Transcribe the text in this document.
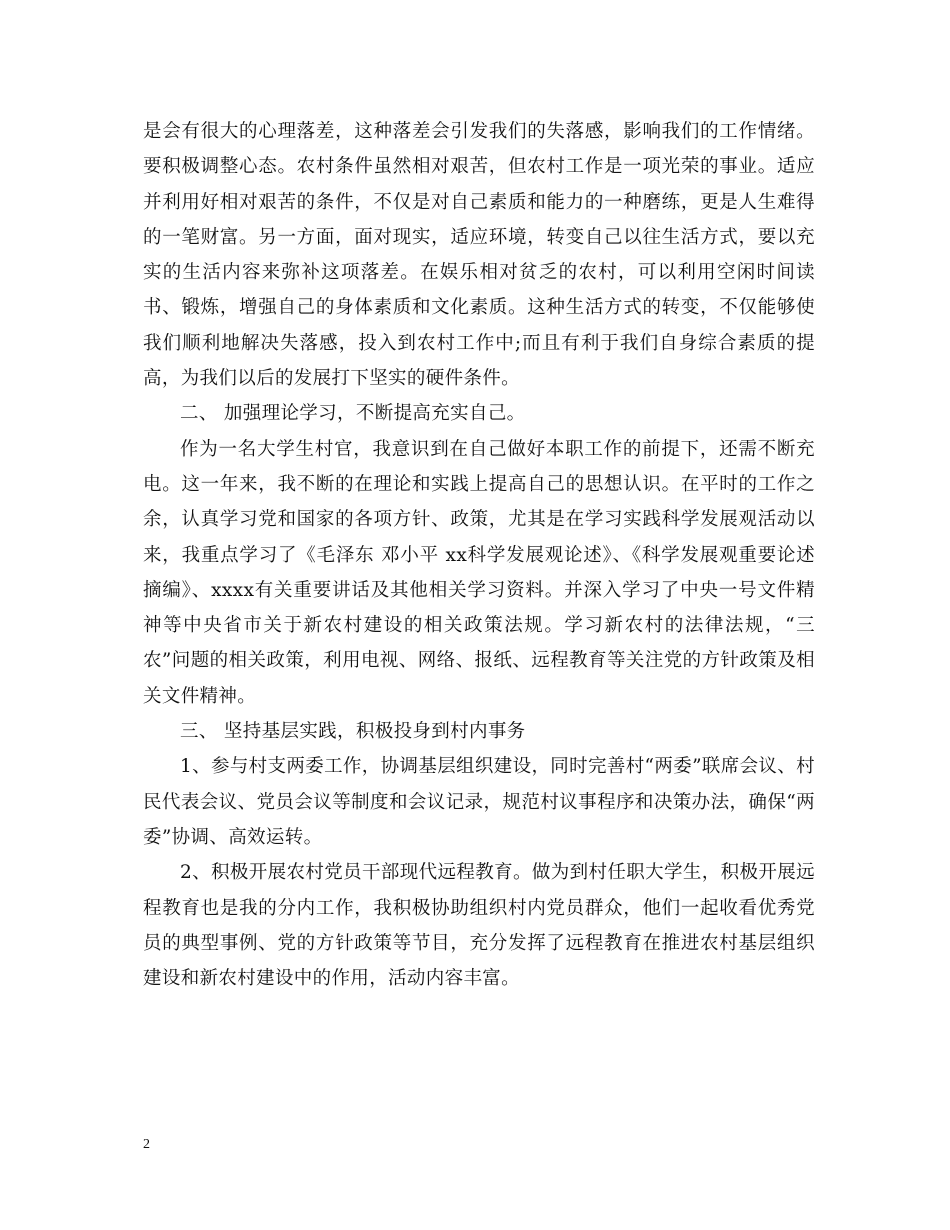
是会有很大的心理落差，这种落差会引发我们的失落感，影响我们的工作情绪。要积极调整心态。农村条件虽然相对艰苦，但农村工作是一项光荣的事业。适应并利用好相对艰苦的条件，不仅是对自己素质和能力的一种磨练，更是人生难得的一笔财富。另一方面，面对现实，适应环境，转变自己以往生活方式，要以充实的生活内容来弥补这项落差。在娱乐相对贫乏的农村，可以利用空闲时间读书、锻炼，增强自己的身体素质和文化素质。这种生活方式的转变，不仅能够使我们顺利地解决失落感，投入到农村工作中;而且有利于我们自身综合素质的提高，为我们以后的发展打下坚实的硬件条件。

二、 加强理论学习，不断提高充实自己。

作为一名大学生村官，我意识到在自己做好本职工作的前提下，还需不断充电。这一年来，我不断的在理论和实践上提高自己的思想认识。在平时的工作之余，认真学习党和国家的各项方针、政策，尤其是在学习实践科学发展观活动以来，我重点学习了《毛泽东 邓小平 xx科学发展观论述》、《科学发展观重要论述摘编》、xxxx有关重要讲话及其他相关学习资料。并深入学习了中央一号文件精神等中央省市关于新农村建设的相关政策法规。学习新农村的法律法规，“三农”问题的相关政策，利用电视、网络、报纸、远程教育等关注党的方针政策及相关文件精神。

三、 坚持基层实践，积极投身到村内事务

1、参与村支两委工作，协调基层组织建设，同时完善村“两委”联席会议、村民代表会议、党员会议等制度和会议记录，规范村议事程序和决策办法，确保“两委”协调、高效运转。

2、积极开展农村党员干部现代远程教育。做为到村任职大学生，积极开展远程教育也是我的分内工作，我积极协助组织村内党员群众，他们一起收看优秀党员的典型事例、党的方针政策等节目，充分发挥了远程教育在推进农村基层组织建设和新农村建设中的作用，活动内容丰富。

2
